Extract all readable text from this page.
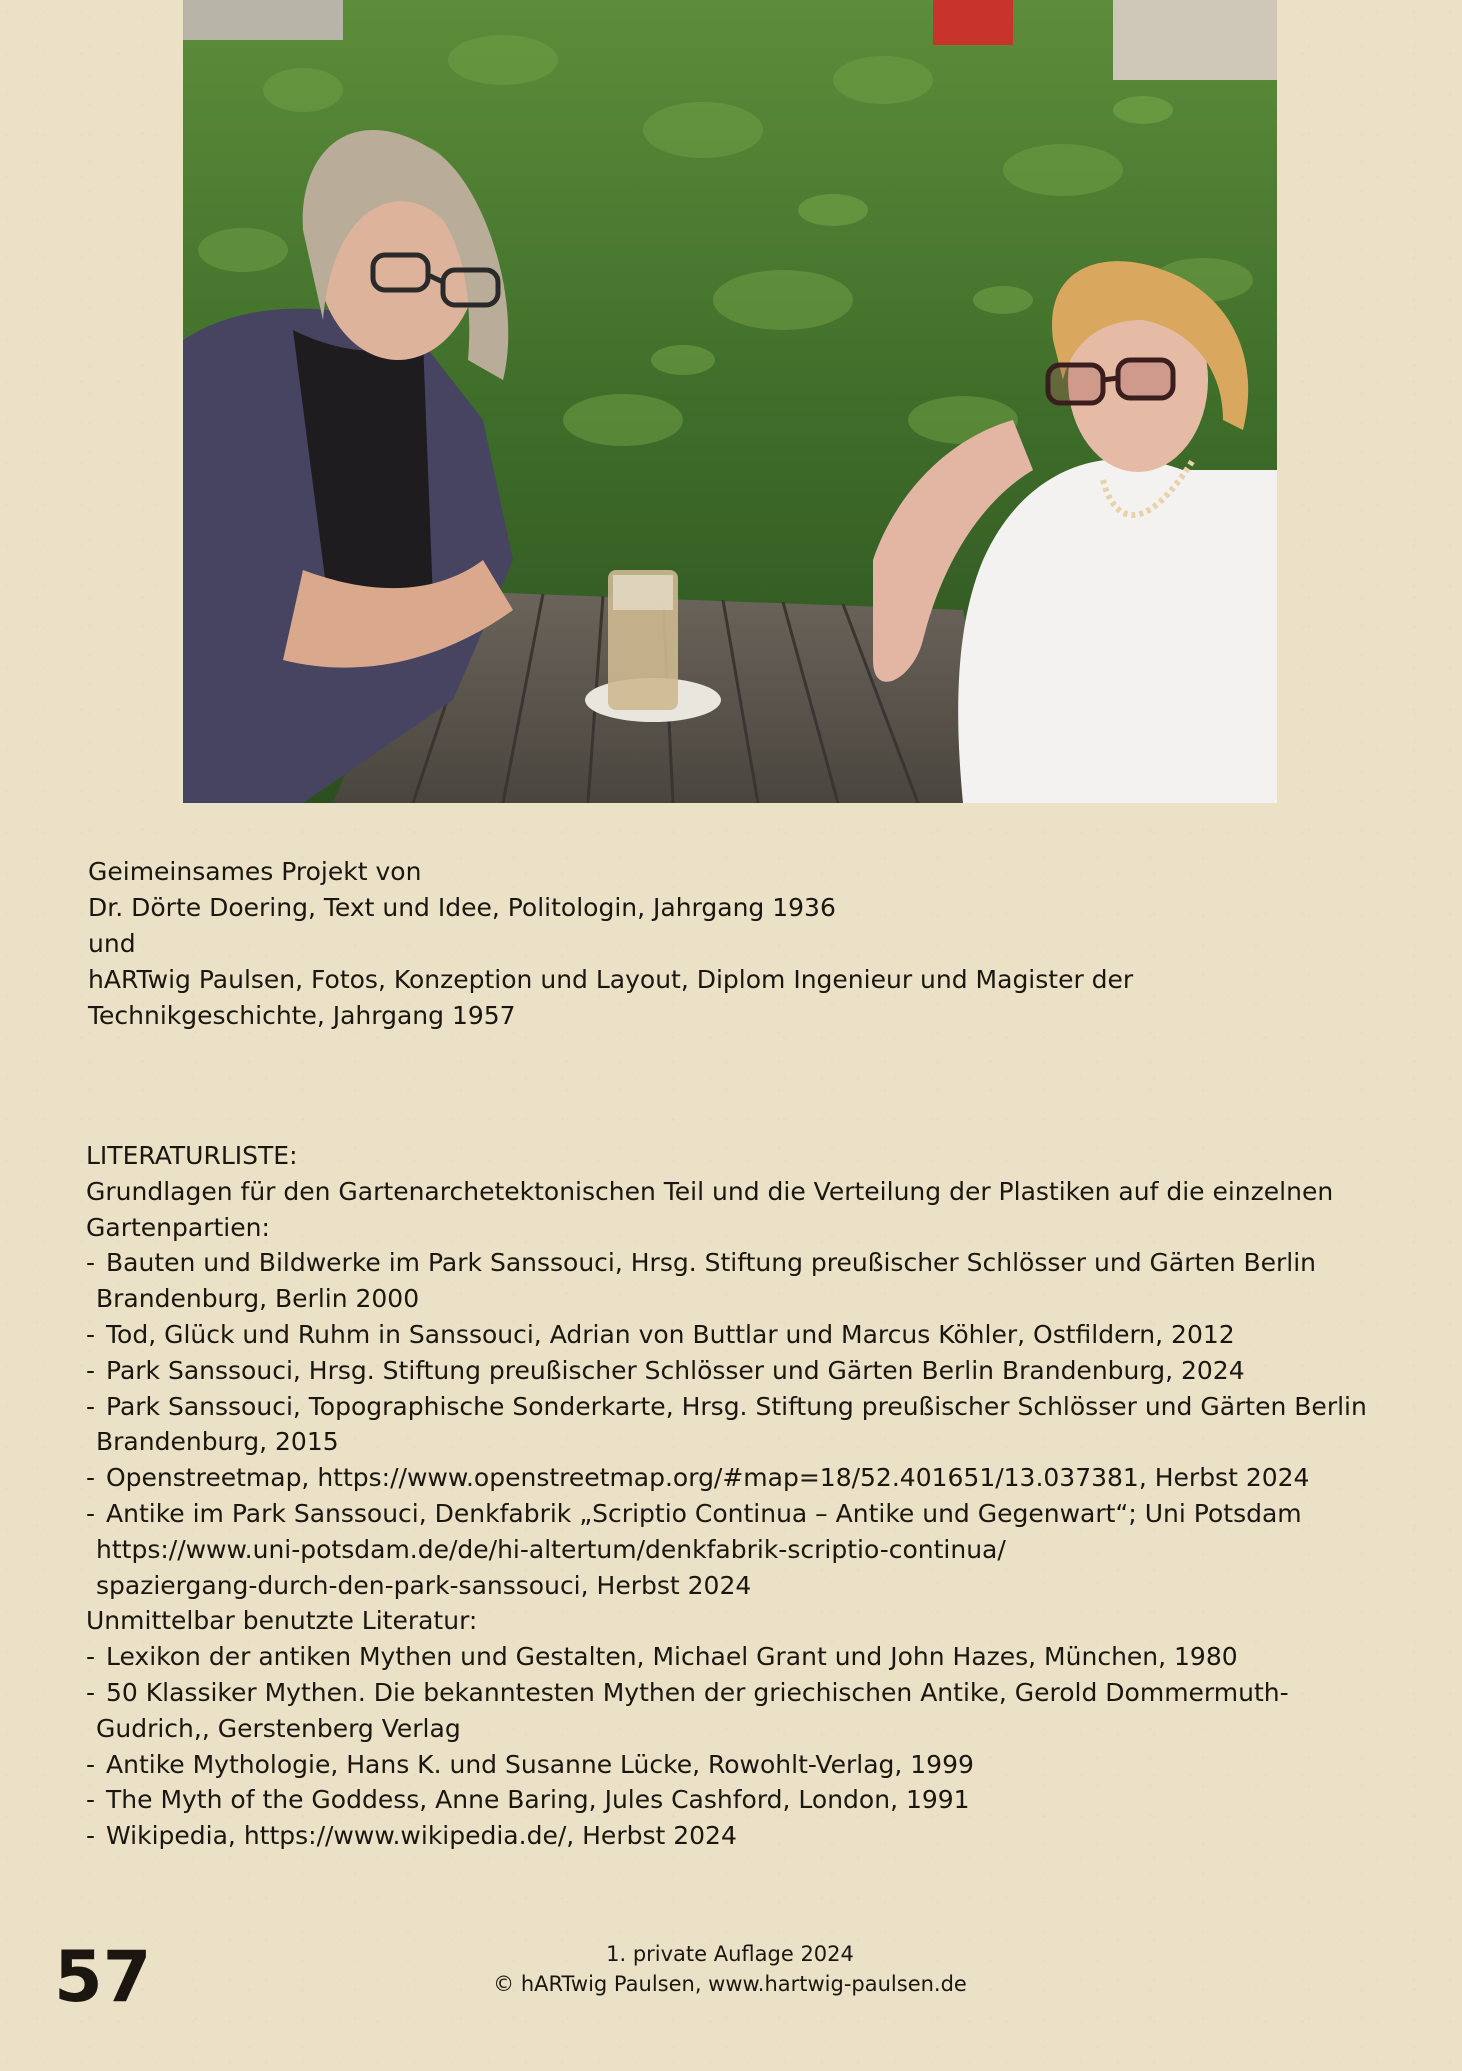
Geimeinsames Projekt von
Dr. Dörte Doering, Text und Idee, Politologin, Jahrgang 1936
und
hARTwig Paulsen, Fotos, Konzeption und Layout, Diplom Ingenieur und Magister der
Technikgeschichte, Jahrgang 1957
LITERATURLISTE:
Grundlagen für den Gartenarchetektonischen Teil und die Verteilung der Plastiken auf die einzelnen
Gartenpartien:
- Bauten und Bildwerke im Park Sanssouci, Hrsg. Stiftung preußischer Schlösser und Gärten Berlin
Brandenburg, Berlin 2000
- Tod, Glück und Ruhm in Sanssouci, Adrian von Buttlar und Marcus Köhler, Ostfildern, 2012
- Park Sanssouci, Hrsg. Stiftung preußischer Schlösser und Gärten Berlin Brandenburg, 2024
- Park Sanssouci, Topographische Sonderkarte, Hrsg. Stiftung preußischer Schlösser und Gärten Berlin
Brandenburg, 2015
- Openstreetmap, https://www.openstreetmap.org/#map=18/52.401651/13.037381, Herbst 2024
- Antike im Park Sanssouci, Denkfabrik „Scriptio Continua – Antike und Gegenwart“; Uni Potsdam
https://www.uni-potsdam.de/de/hi-altertum/denkfabrik-scriptio-continua/
spaziergang-durch-den-park-sanssouci, Herbst 2024
Unmittelbar benutzte Literatur:
- Lexikon der antiken Mythen und Gestalten, Michael Grant und John Hazes, München, 1980
- 50 Klassiker Mythen. Die bekanntesten Mythen der griechischen Antike, Gerold Dommermuth-
Gudrich,, Gerstenberg Verlag
- Antike Mythologie, Hans K. und Susanne Lücke, Rowohlt-Verlag, 1999
- The Myth of the Goddess, Anne Baring, Jules Cashford, London, 1991
- Wikipedia, https://www.wikipedia.de/, Herbst 2024
57	1. private Auflage 2024
© hARTwig Paulsen, www.hartwig-paulsen.de
